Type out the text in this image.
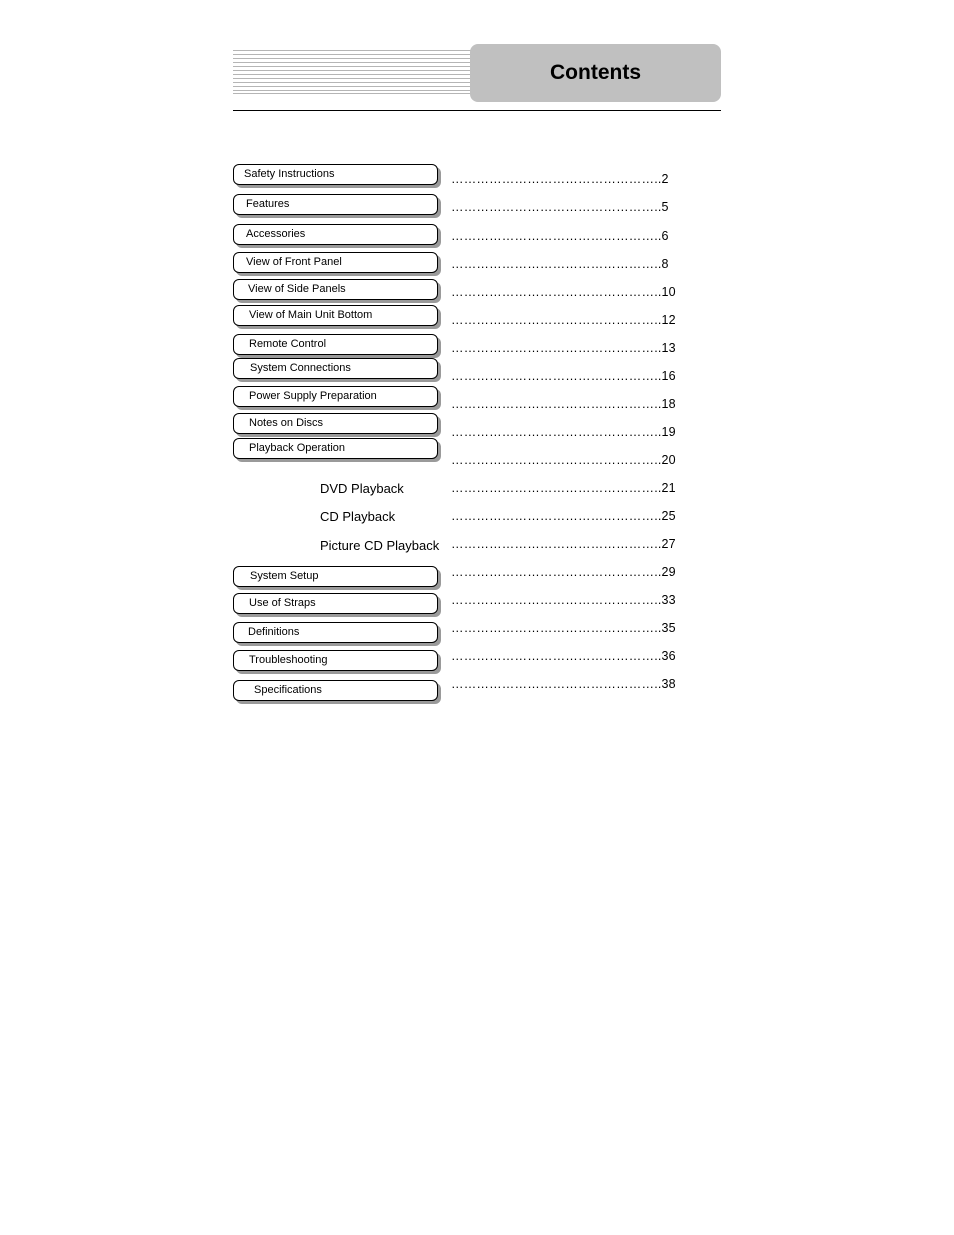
Contents
Safety Instructions
Features
Accessories
View of Front Panel
View of Side Panels
View of Main Unit Bottom
Remote Control
System Connections
Power Supply Preparation
Notes on Discs
Playback Operation
DVD Playback
CD Playback
Picture CD Playback
System Setup
Use of Straps
Definitions
Troubleshooting
Specifications
…………………………………………..2
…………………………………………..5
…………………………………………..6
…………………………………………..8
…………………………………………..10
…………………………………………..12
…………………………………………..13
…………………………………………..16
…………………………………………..18
…………………………………………..19
…………………………………………..20
…………………………………………..21
…………………………………………..25
…………………………………………..27
…………………………………………..29
…………………………………………..33
…………………………………………..35
…………………………………………..36
…………………………………………..38
